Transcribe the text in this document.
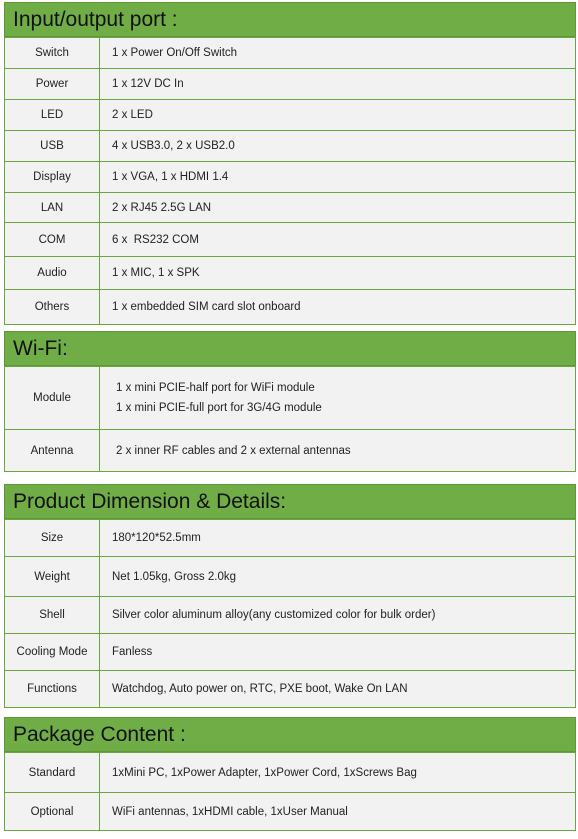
Input/output port :
Switch	1 x Power On/Off Switch

Power	1 x 12V DC In

LED	2 x LED

USB	4 x USB3.0, 2 x USB2.0

Display	1 x VGA, 1 x HDMI 1.4

LAN	2 x RJ45 2.5G LAN

COM	6 x  RS232 COM

Audio	1 x MIC, 1 x SPK

Others	1 x embedded SIM card slot onboard
Wi-Fi:
Module	1 x mini PCIE-half port for WiFi module
1 x mini PCIE-full port for 3G/4G module

Antenna	2 x inner RF cables and 2 x external antennas
Product Dimension & Details:
Size	180*120*52.5mm

Weight	Net 1.05kg, Gross 2.0kg

Shell	Silver color aluminum alloy(any customized color for bulk order)

Cooling Mode	Fanless

Functions	Watchdog, Auto power on, RTC, PXE boot, Wake On LAN
Package Content :
Standard	1xMini PC, 1xPower Adapter, 1xPower Cord, 1xScrews Bag

Optional	WiFi antennas, 1xHDMI cable, 1xUser Manual
